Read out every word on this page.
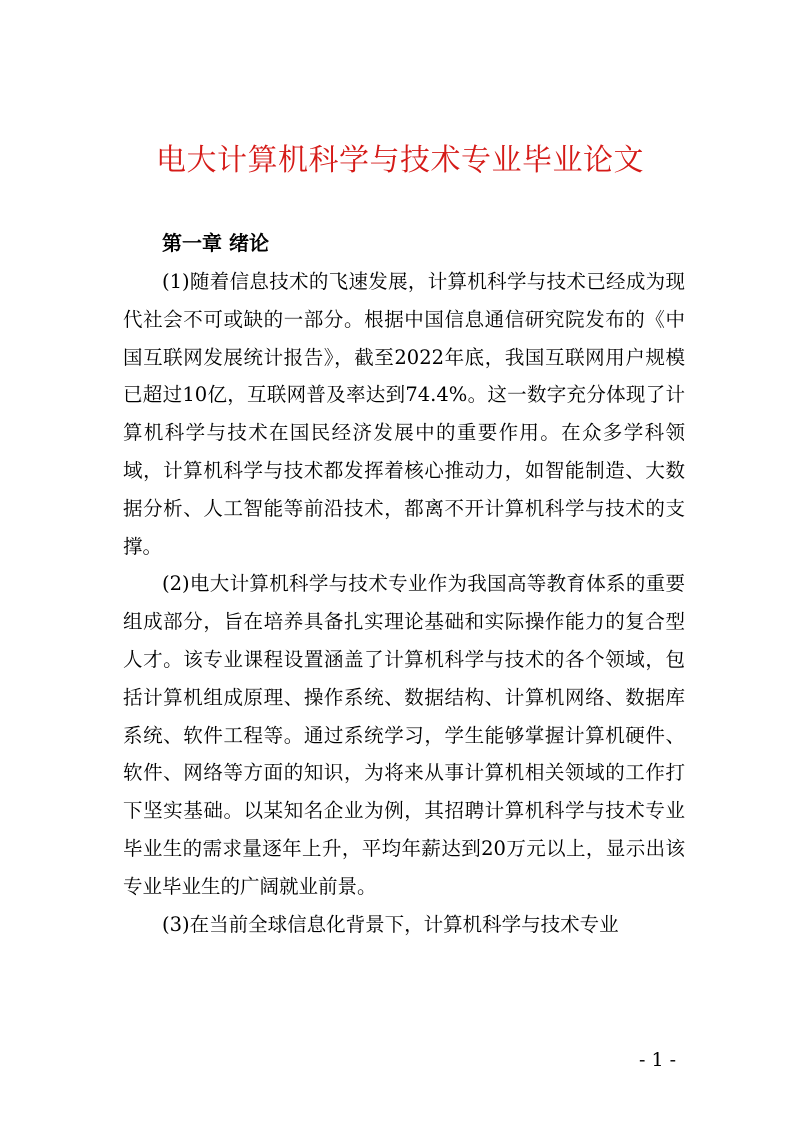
电大计算机科学与技术专业毕业论文
第一章 绪论

(1)随着信息技术的飞速发展，计算机科学与技术已经成为现代社会不可或缺的一部分。根据中国信息通信研究院发布的《中国互联网发展统计报告》，截至2022年底，我国互联网用户规模已超过10亿，互联网普及率达到74.4%。这一数字充分体现了计算机科学与技术在国民经济发展中的重要作用。在众多学科领域，计算机科学与技术都发挥着核心推动力，如智能制造、大数据分析、人工智能等前沿技术，都离不开计算机科学与技术的支撑。

(2)电大计算机科学与技术专业作为我国高等教育体系的重要组成部分，旨在培养具备扎实理论基础和实际操作能力的复合型人才。该专业课程设置涵盖了计算机科学与技术的各个领域，包括计算机组成原理、操作系统、数据结构、计算机网络、数据库系统、软件工程等。通过系统学习，学生能够掌握计算机硬件、软件、网络等方面的知识，为将来从事计算机相关领域的工作打下坚实基础。以某知名企业为例，其招聘计算机科学与技术专业毕业生的需求量逐年上升，平均年薪达到20万元以上，显示出该专业毕业生的广阔就业前景。

(3)在当前全球信息化背景下，计算机科学与技术专业

- 1 -
